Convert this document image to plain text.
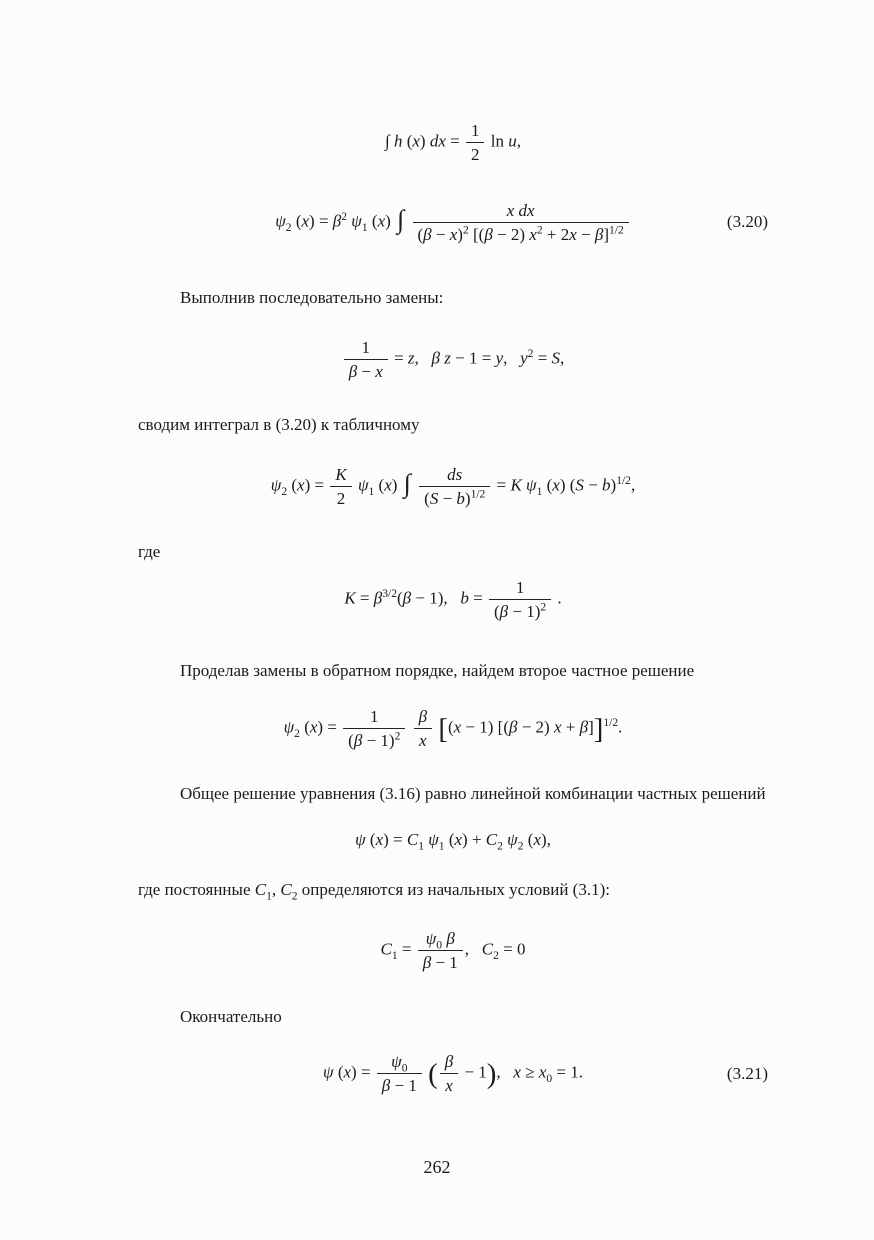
∫ h (x) dx = $\frac{1}{2}$ ln u,
$\psi_2$ $(x) = \beta^2$ $\psi_1$ (x) ∫ $\frac{\text{x dx}}{(\beta - x)^2 [(\beta - 2) x^2 + 2x - \beta]^{1/2}}$	(3.20)

Выполнив последовательно замены:

$\frac{1}{\beta - x} = z$,  β z − 1 = y,  $y^2 = S$,

сводим интеграл в (3.20) к табличному

$\psi_2$ $(x) = \frac{K}{2} \psi_1$ (x) ∫ $\frac{ds}{(S - b)^{1/2}} = K$ $\psi_1$ (x) $(S - b)^{1/2}$,

где

$K = \beta^{3/2}(\beta - 1)$,  $b = \frac{1}{(\beta - 1)^2}$ .

Проделав замены в обратном порядке, найдем второе частное решение

$\psi_2$ $(x) = \frac{1}{(\beta - 1)^2}$
$\frac{\beta}{x} [(x - 1) [(\beta - 2) x + \beta]]^{1/2}$.

Общее решение уравнения (3.16) равно линейной комбинации частных решений

ψ $(x) = C_1$ $\psi_1$ $(x) + C_2$ $\psi_2$ (x),

где постоянные $C_1$, $C_2$ определяются из начальных условий (3.1):

$C_1 = \frac{\psi_0 \beta}{\beta - 1}$ ,  $C_2 = 0$

Окончательно

ψ $(x) = \frac{\psi_0}{\beta - 1}$ ( $\frac{\beta}{x} - 1$),  $x \ge x_0 = 1$.	(3.21)
262
